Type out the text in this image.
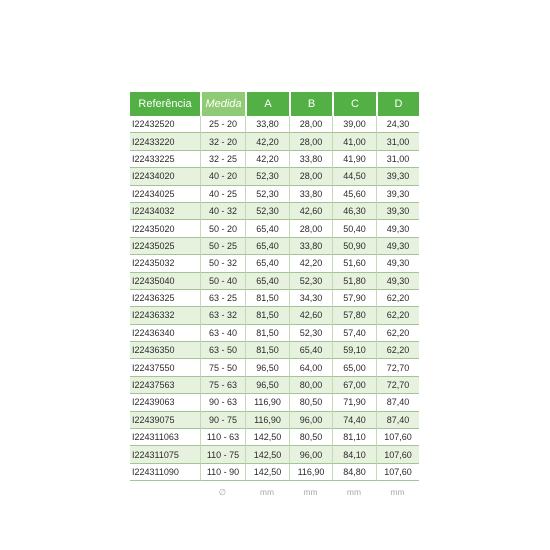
Referência	Medida	A	B	C	D
I22432520	25 - 20	33,80	28,00	39,00	24,30
I22433220	32 - 20	42,20	28,00	41,00	31,00
I22433225	32 - 25	42,20	33,80	41,90	31,00
I22434020	40 - 20	52,30	28,00	44,50	39,30
I22434025	40 - 25	52,30	33,80	45,60	39,30
I22434032	40 - 32	52,30	42,60	46,30	39,30
I22435020	50 - 20	65,40	28,00	50,40	49,30
I22435025	50 - 25	65,40	33,80	50,90	49,30
I22435032	50 - 32	65,40	42,20	51,60	49,30
I22435040	50 - 40	65,40	52,30	51,80	49,30
I22436325	63 - 25	81,50	34,30	57,90	62,20
I22436332	63 - 32	81,50	42,60	57,80	62,20
I22436340	63 - 40	81,50	52,30	57,40	62,20
I22436350	63 - 50	81,50	65,40	59,10	62,20
I22437550	75 - 50	96,50	64,00	65,00	72,70
I22437563	75 - 63	96,50	80,00	67,00	72,70
I22439063	90 - 63	116,90	80,50	71,90	87,40
I22439075	90 - 75	116,90	96,00	74,40	87,40
I224311063	110 - 63	142,50	80,50	81,10	107,60
I224311075	110 - 75	142,50	96,00	84,10	107,60
I224311090	110 - 90	142,50	116,90	84,80	107,60
	∅	mm	mm	mm	mm
